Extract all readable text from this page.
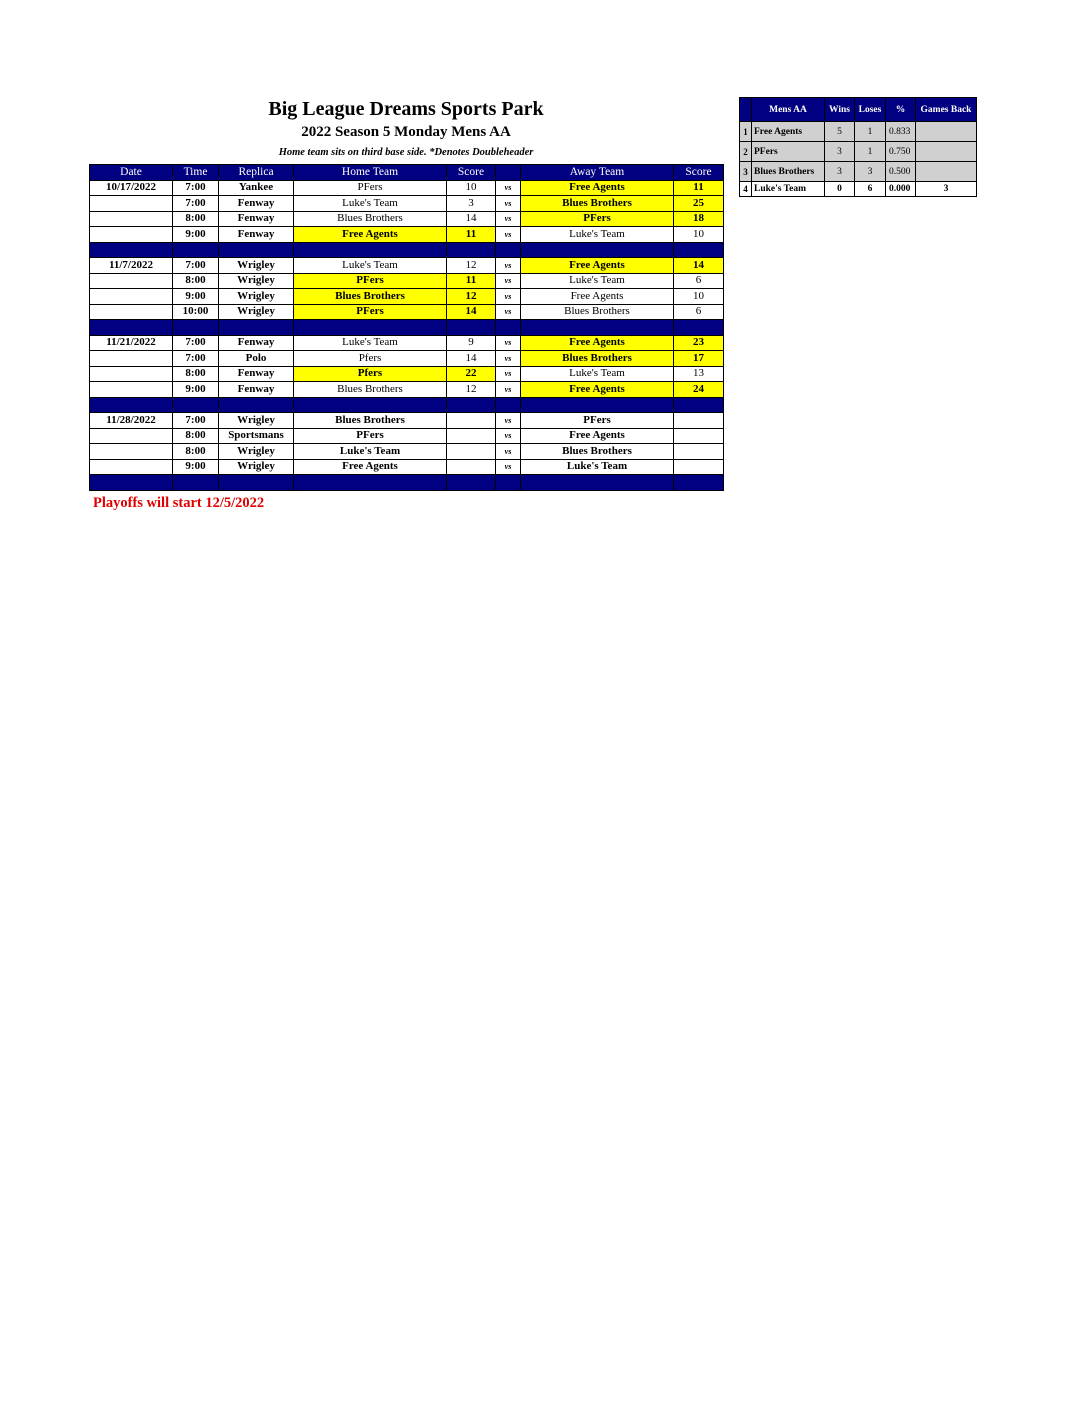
Big League Dreams Sports Park
2022 Season 5 Monday Mens AA
Home team sits on third base side. *Denotes Doubleheader
Date	Time	Replica	Home Team	Score		Away Team	Score
10/17/2022	7:00	Yankee	PFers	10	vs	Free Agents	11
	7:00	Fenway	Luke's Team	3	vs	Blues Brothers	25
	8:00	Fenway	Blues Brothers	14	vs	PFers	18
	9:00	Fenway	Free Agents	11	vs	Luke's Team	10

11/7/2022	7:00	Wrigley	Luke's Team	12	vs	Free Agents	14
	8:00	Wrigley	PFers	11	vs	Luke's Team	6
	9:00	Wrigley	Blues Brothers	12	vs	Free Agents	10
	10:00	Wrigley	PFers	14	vs	Blues Brothers	6

11/21/2022	7:00	Fenway	Luke's Team	9	vs	Free Agents	23
	7:00	Polo	Pfers	14	vs	Blues Brothers	17
	8:00	Fenway	Pfers	22	vs	Luke's Team	13
	9:00	Fenway	Blues Brothers	12	vs	Free Agents	24

11/28/2022	7:00	Wrigley	Blues Brothers		vs	PFers	
	8:00	Sportsmans	PFers		vs	Free Agents	
	8:00	Wrigley	Luke's Team		vs	Blues Brothers	
	9:00	Wrigley	Free Agents		vs	Luke's Team	

	Mens AA	Wins	Loses	%	Games Back
1	Free Agents	5	1	0.833	
2	PFers	3	1	0.750	
3	Blues Brothers	3	3	0.500	
4	Luke's Team	0	6	0.000	3
Playoffs will start 12/5/2022
